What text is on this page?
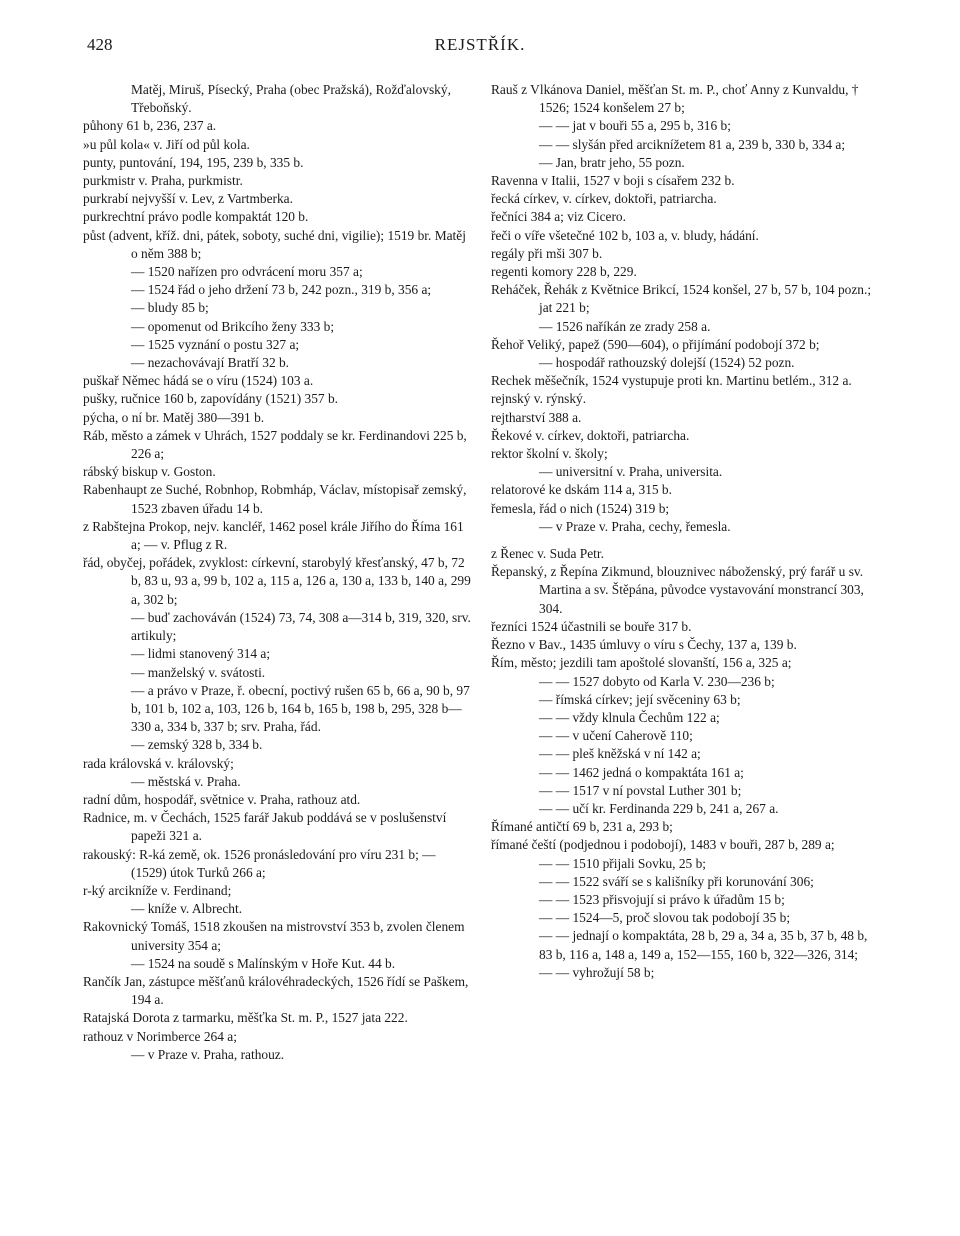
428	REJSTŘÍK.
Matěj, Miruš, Písecký, Praha (obec Pražská), Rožďalovský, Třeboňský.
půhony 61 b, 236, 237 a.
»u půl kola« v. Jiří od půl kola.
punty, puntování, 194, 195, 239 b, 335 b.
purkmistr v. Praha, purkmistr.
purkrabí nejvyšší v. Lev, z Vartmberka.
purkrechtní právo podle kompaktát 120 b.
půst (advent, kříž. dni, pátek, soboty, suché dni, vigilie); 1519 br. Matěj o něm 388 b;
— 1520 nařízen pro odvrácení moru 357 a;
— 1524 řád o jeho držení 73 b, 242 pozn., 319 b, 356 a;
— bludy 85 b;
— opomenut od Brikcího ženy 333 b;
— 1525 vyznání o postu 327 a;
— nezachovávají Bratří 32 b.
puškař Němec hádá se o víru (1524) 103 a.
pušky, ručnice 160 b, zapovídány (1521) 357 b.
pýcha, o ní br. Matěj 380—391 b.
Ráb, město a zámek v Uhrách, 1527 poddaly se kr. Ferdinandovi 225 b, 226 a;
rábský biskup v. Goston.
Rabenhaupt ze Suché, Robnhop, Robmháp, Václav, místopisař zemský, 1523 zbaven úřadu 14 b.
z Rabštejna Prokop, nejv. kancléř, 1462 posel krále Jiřího do Říma 161 a; — v. Pflug z R.
řád, obyčej, pořádek, zvyklost: církevní, starobylý křesťanský, 47 b, 72 b, 83 u, 93 a, 99 b, 102 a, 115 a, 126 a, 130 a, 133 b, 140 a, 299 a, 302 b;
— buď zachováván (1524) 73, 74, 308 a—314 b, 319, 320, srv. artikuly;
— lidmi stanovený 314 a;
— manželský v. svátosti.
— a právo v Praze, ř. obecní, poctivý rušen 65 b, 66 a, 90 b, 97 b, 101 b, 102 a, 103, 126 b, 164 b, 165 b, 198 b, 295, 328 b—330 a, 334 b, 337 b; srv. Praha, řád.
— zemský 328 b, 334 b.
rada královská v. královský;
— městská v. Praha.
radní dům, hospodář, světnice v. Praha, rathouz atd.
Radnice, m. v Čechách, 1525 farář Jakub poddává se v poslušenství papeži 321 a.
rakouský: R-ká země, ok. 1526 pronásledování pro víru 231 b; — (1529) útok Turků 266 a;
r-ký arcikníže v. Ferdinand;
— kníže v. Albrecht.
Rakovnický Tomáš, 1518 zkoušen na mistrovství 353 b, zvolen členem university 354 a;
— 1524 na soudě s Malínským v Hoře Kut. 44 b.
Rančík Jan, zástupce měšťanů královéhradeckých, 1526 řídí se Paškem, 194 a.
Ratajská Dorota z tarmarku, měšťka St. m. P., 1527 jata 222.
rathouz v Norimberce 264 a;
— v Praze v. Praha, rathouz.
Rauš z Vlkánova Daniel, měšťan St. m. P., choť Anny z Kunvaldu, † 1526; 1524 konšelem 27 b;
— — jat v bouři 55 a, 295 b, 316 b;
— — slyšán před arciknížetem 81 a, 239 b, 330 b, 334 a;
— Jan, bratr jeho, 55 pozn.
Ravenna v Italii, 1527 v boji s císařem 232 b.
řecká církev, v. církev, doktoři, patriarcha.
řečníci 384 a; viz Cicero.
řeči o víře všetečné 102 b, 103 a, v. bludy, hádání.
regály při mši 307 b.
regenti komory 228 b, 229.
Reháček, Řehák z Květnice Brikcí, 1524 konšel, 27 b, 57 b, 104 pozn.; jat 221 b;
— 1526 naříkán ze zrady 258 a.
Řehoř Veliký, papež (590—604), o přijímání podobojí 372 b;
— hospodář rathouzský dolejší (1524) 52 pozn.
Rechek měšečník, 1524 vystupuje proti kn. Martinu betlém., 312 a.
rejnský v. rýnský.
rejtharství 388 a.
Řekové v. církev, doktoři, patriarcha.
rektor školní v. školy;
— universitní v. Praha, universita.
relatorové ke dskám 114 a, 315 b.
řemesla, řád o nich (1524) 319 b;
— v Praze v. Praha, cechy, řemesla.
z Řenec v. Suda Petr.
Řepanský, z Řepína Zikmund, blouznivec náboženský, prý farář u sv. Martina a sv. Štěpána, původce vystavování monstrancí 303, 304.
řezníci 1524 účastnili se bouře 317 b.
Řezno v Bav., 1435 úmluvy o víru s Čechy, 137 a, 139 b.
Řím, město; jezdili tam apoštolé slovanští, 156 a, 325 a;
— — 1527 dobyto od Karla V. 230—236 b;
— římská církev; její svěceniny 63 b;
— — vždy klnula Čechům 122 a;
— — v učení Caherově 110;
— — pleš kněžská v ní 142 a;
— — 1462 jedná o kompaktáta 161 a;
— — 1517 v ní povstal Luther 301 b;
— — učí kr. Ferdinanda 229 b, 241 a, 267 a.
Římané antičtí 69 b, 231 a, 293 b;
římané čeští (podjednou i podobojí), 1483 v bouři, 287 b, 289 a;
— — 1510 přijali Sovku, 25 b;
— — 1522 sváří se s kališníky při korunování 306;
— — 1523 přisvojují si právo k úřadům 15 b;
— — 1524—5, proč slovou tak podobojí 35 b;
— — jednají o kompaktáta, 28 b, 29 a, 34 a, 35 b, 37 b, 48 b, 83 b, 116 a, 148 a, 149 a, 152—155, 160 b, 322—326, 314;
— — vyhrožují 58 b;
